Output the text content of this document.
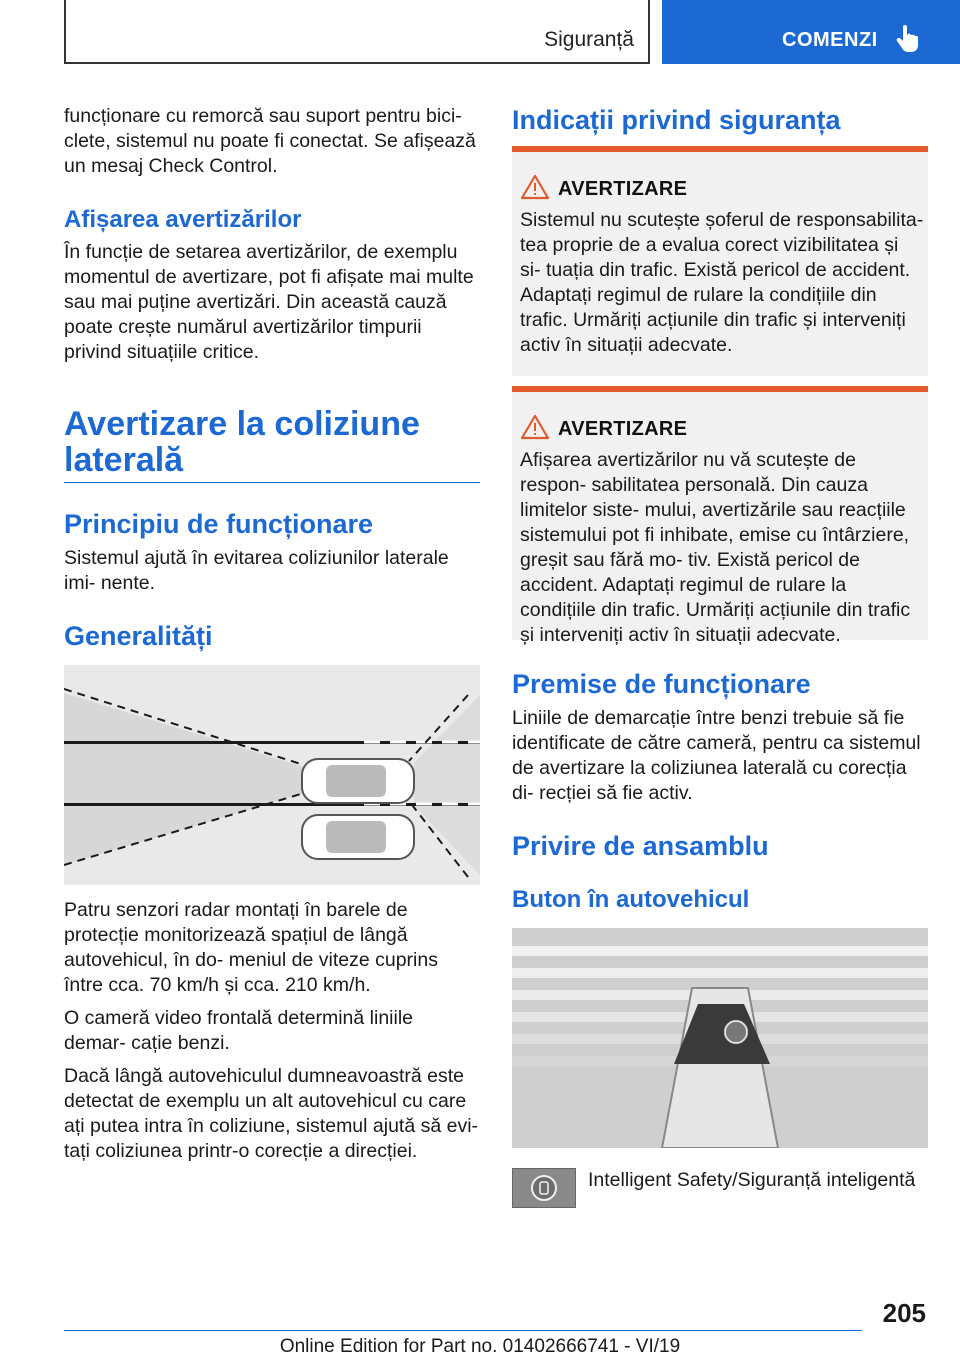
Siguranță	COMENZI

funcționare cu remorcă sau suport pentru bici- clete, sistemul nu poate fi conectat. Se afișează un mesaj Check Control.

Afișarea avertizărilor

În funcție de setarea avertizărilor, de exemplu momentul de avertizare, pot fi afișate mai multe sau mai puține avertizări. Din această cauză poate crește numărul avertizărilor timpurii privind situațiile critice.

Avertizare la coliziune
laterală
Principiu de funcționare

Sistemul ajută în evitarea coliziunilor laterale imi- nente.

Generalități

Patru senzori radar montați în barele de protecție monitorizează spațiul de lângă autovehicul, în do- meniul de viteze cuprins între cca. 70 km/h și cca. 210 km/h.

O cameră video frontală determină liniile demar- cație benzi.

Dacă lângă autovehiculul dumneavoastră este detectat de exemplu un alt autovehicul cu care ați putea intra în coliziune, sistemul ajută să evi- tați coliziunea printr-o corecție a direcției.

Indicații privind siguranța
AVERTIZARE

Sistemul nu scutește șoferul de responsabilita- tea proprie de a evalua corect vizibilitatea și si- tuația din trafic. Există pericol de accident. Adaptați regimul de rulare la condițiile din trafic. Urmăriți acțiunile din trafic și interveniți activ în situații adecvate.

AVERTIZARE

Afișarea avertizărilor nu vă scutește de respon- sabilitatea personală. Din cauza limitelor siste- mului, avertizările sau reacțiile sistemului pot fi inhibate, emise cu întârziere, greșit sau fără mo- tiv. Există pericol de accident. Adaptați regimul de rulare la condițiile din trafic. Urmăriți acțiunile din trafic și interveniți activ în situații adecvate.

Premise de funcționare

Liniile de demarcație între benzi trebuie să fie identificate de către cameră, pentru ca sistemul de avertizare la coliziunea laterală cu corecția di- recției să fie activ.

Privire de ansamblu
Buton în autovehicul

Intelligent Safety/Siguranță inteligentă

205
Online Edition for Part no. 01402666741 - VI/19
